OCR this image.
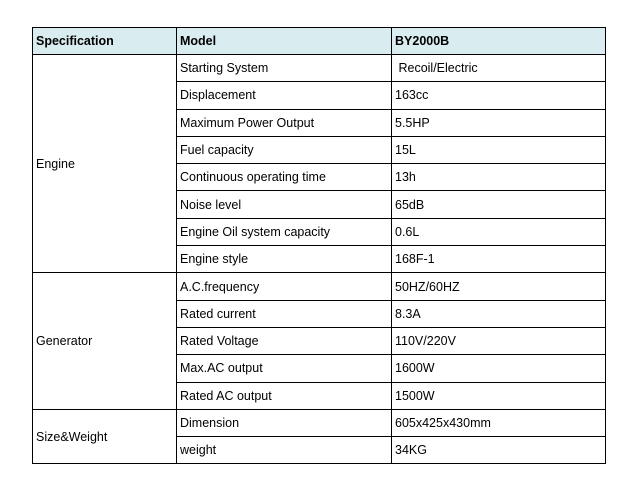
Specification	Model	BY2000B
Engine	Starting System	Recoil/Electric
	Displacement	163cc
	Maximum Power Output	5.5HP
	Fuel capacity	15L
	Continuous operating time	13h
	Noise level	65dB
	Engine Oil system capacity	0.6L
	Engine style	168F-1
Generator	A.C.frequency	50HZ/60HZ
	Rated current	8.3A
	Rated Voltage	110V/220V
	Max.AC output	1600W
	Rated AC output	1500W
Size&Weight	Dimension	605x425x430mm
	weight	34KG
